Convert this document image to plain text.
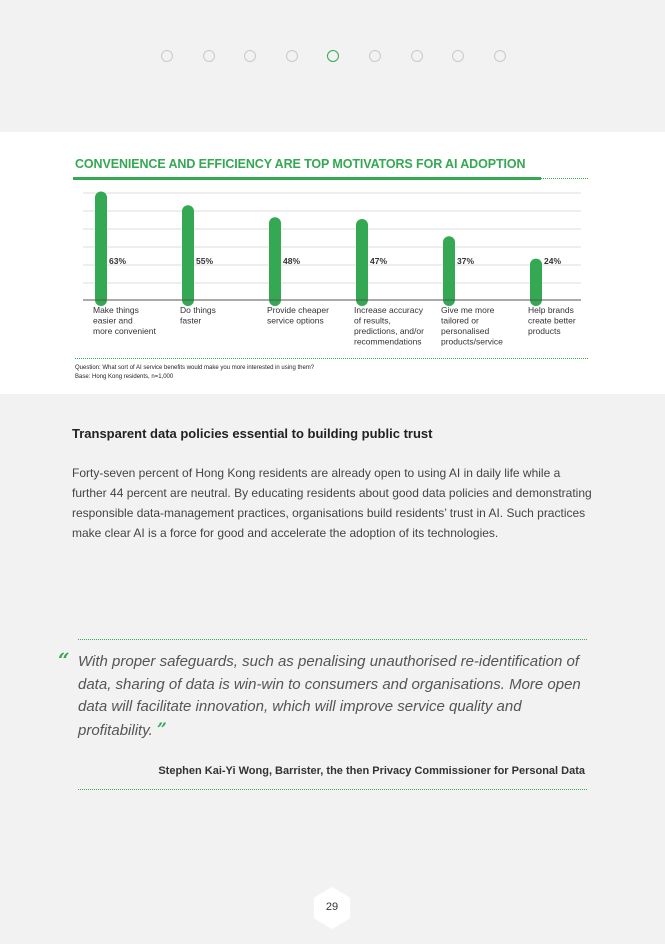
CONVENIENCE AND EFFICIENCY ARE TOP MOTIVATORS FOR AI ADOPTION
63%
Make things
easier and
more convenient
55%
Do things
faster
48%
Provide cheaper
service options
47%
Increase accuracy
of results,
predictions, and/or
recommendations
37%
Give me more
tailored or
personalised
products/service
24%
Help brands
create better
products
Question: What sort of AI service benefits would make you more interested in using them?
Base: Hong Kong residents, n=1,000
Transparent data policies essential to building public trust

Forty-seven percent of Hong Kong residents are already open to using AI in daily life while a further 44 percent are neutral. By educating residents about good data policies and demonstrating responsible data-management practices, organisations build residents’ trust in AI. Such practices make clear AI is a force for good and accelerate the adoption of its technologies.

“ With proper safeguards, such as penalising unauthorised re-identification of data, sharing of data is win-win to consumers and organisations. More open data will facilitate innovation, which will improve service quality and profitability. ”

Stephen Kai-Yi Wong, Barrister, the then Privacy Commissioner for Personal Data
29
